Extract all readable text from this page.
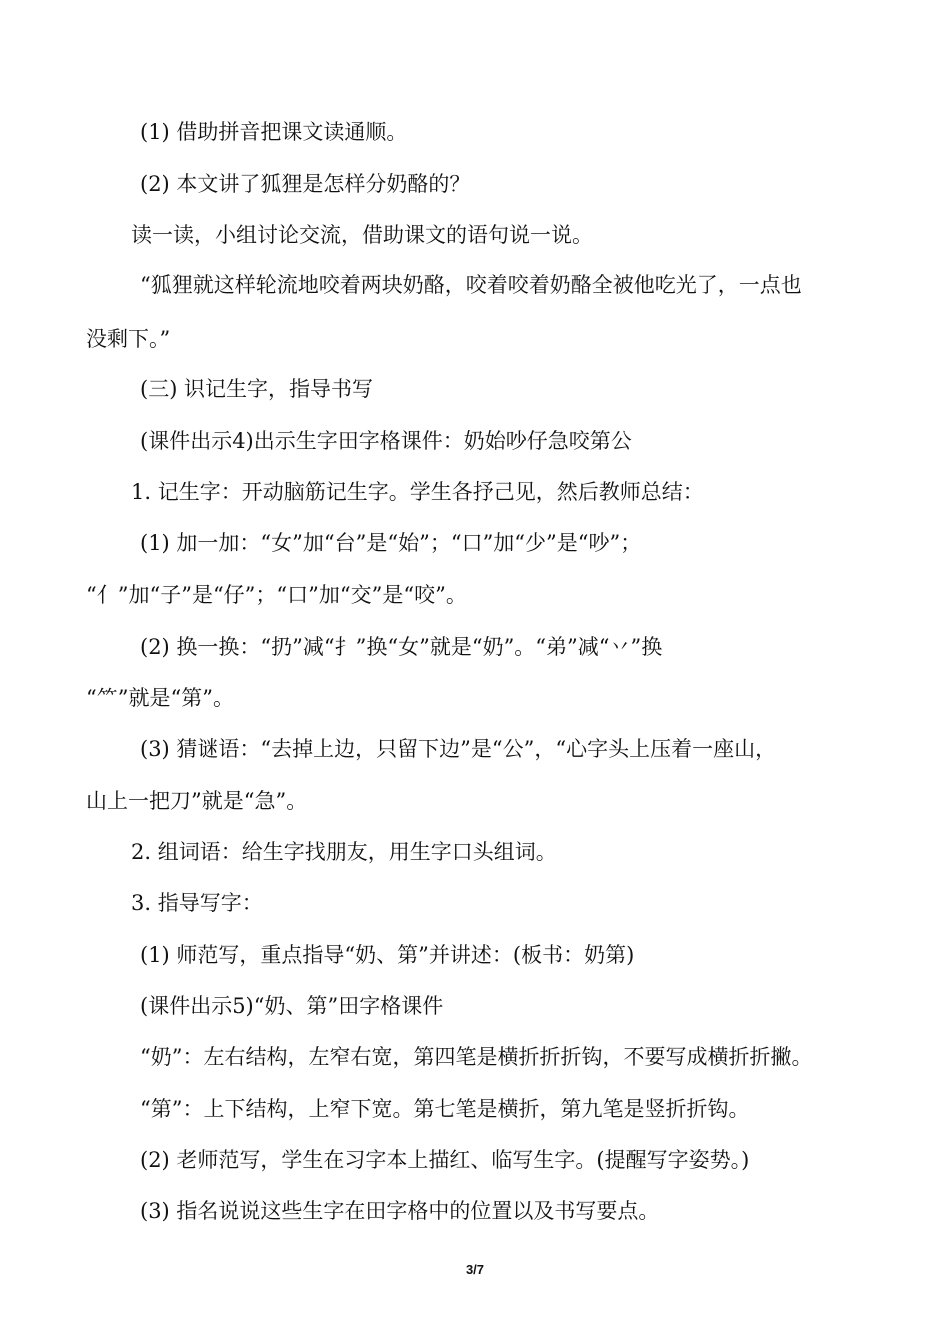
(1) 借助拼音把课文读通顺。
(2) 本文讲了狐狸是怎样分奶酪的？
读一读，小组讨论交流，借助课文的语句说一说。
“狐狸就这样轮流地咬着两块奶酪，咬着咬着奶酪全被他吃光了，一点也
没剩下。”
(三) 识记生字，指导书写
(课件出示4)出示生字田字格课件：奶始吵仔急咬第公
1. 记生字：开动脑筋记生字。学生各抒己见，然后教师总结：
(1) 加一加：“女”加“台”是“始”；“口”加“少”是“吵”；
“亻”加“子”是“仔”；“口”加“交”是“咬”。
(2) 换一换：“扔”减“扌”换“女”就是“奶”。“弟”减“丷”换
“⺮”就是“第”。
(3) 猜谜语：“去掉上边，只留下边”是“公”，“心字头上压着一座山，
山上一把刀”就是“急”。
2. 组词语：给生字找朋友，用生字口头组词。
3. 指导写字：
(1) 师范写，重点指导“奶、第”并讲述：(板书：奶第)
(课件出示5)“奶、第”田字格课件
“奶”：左右结构，左窄右宽，第四笔是横折折折钩，不要写成横折折撇。
“第”：上下结构，上窄下宽。第七笔是横折，第九笔是竖折折钩。
(2) 老师范写，学生在习字本上描红、临写生字。(提醒写字姿势。)
(3) 指名说说这些生字在田字格中的位置以及书写要点。
3/7
